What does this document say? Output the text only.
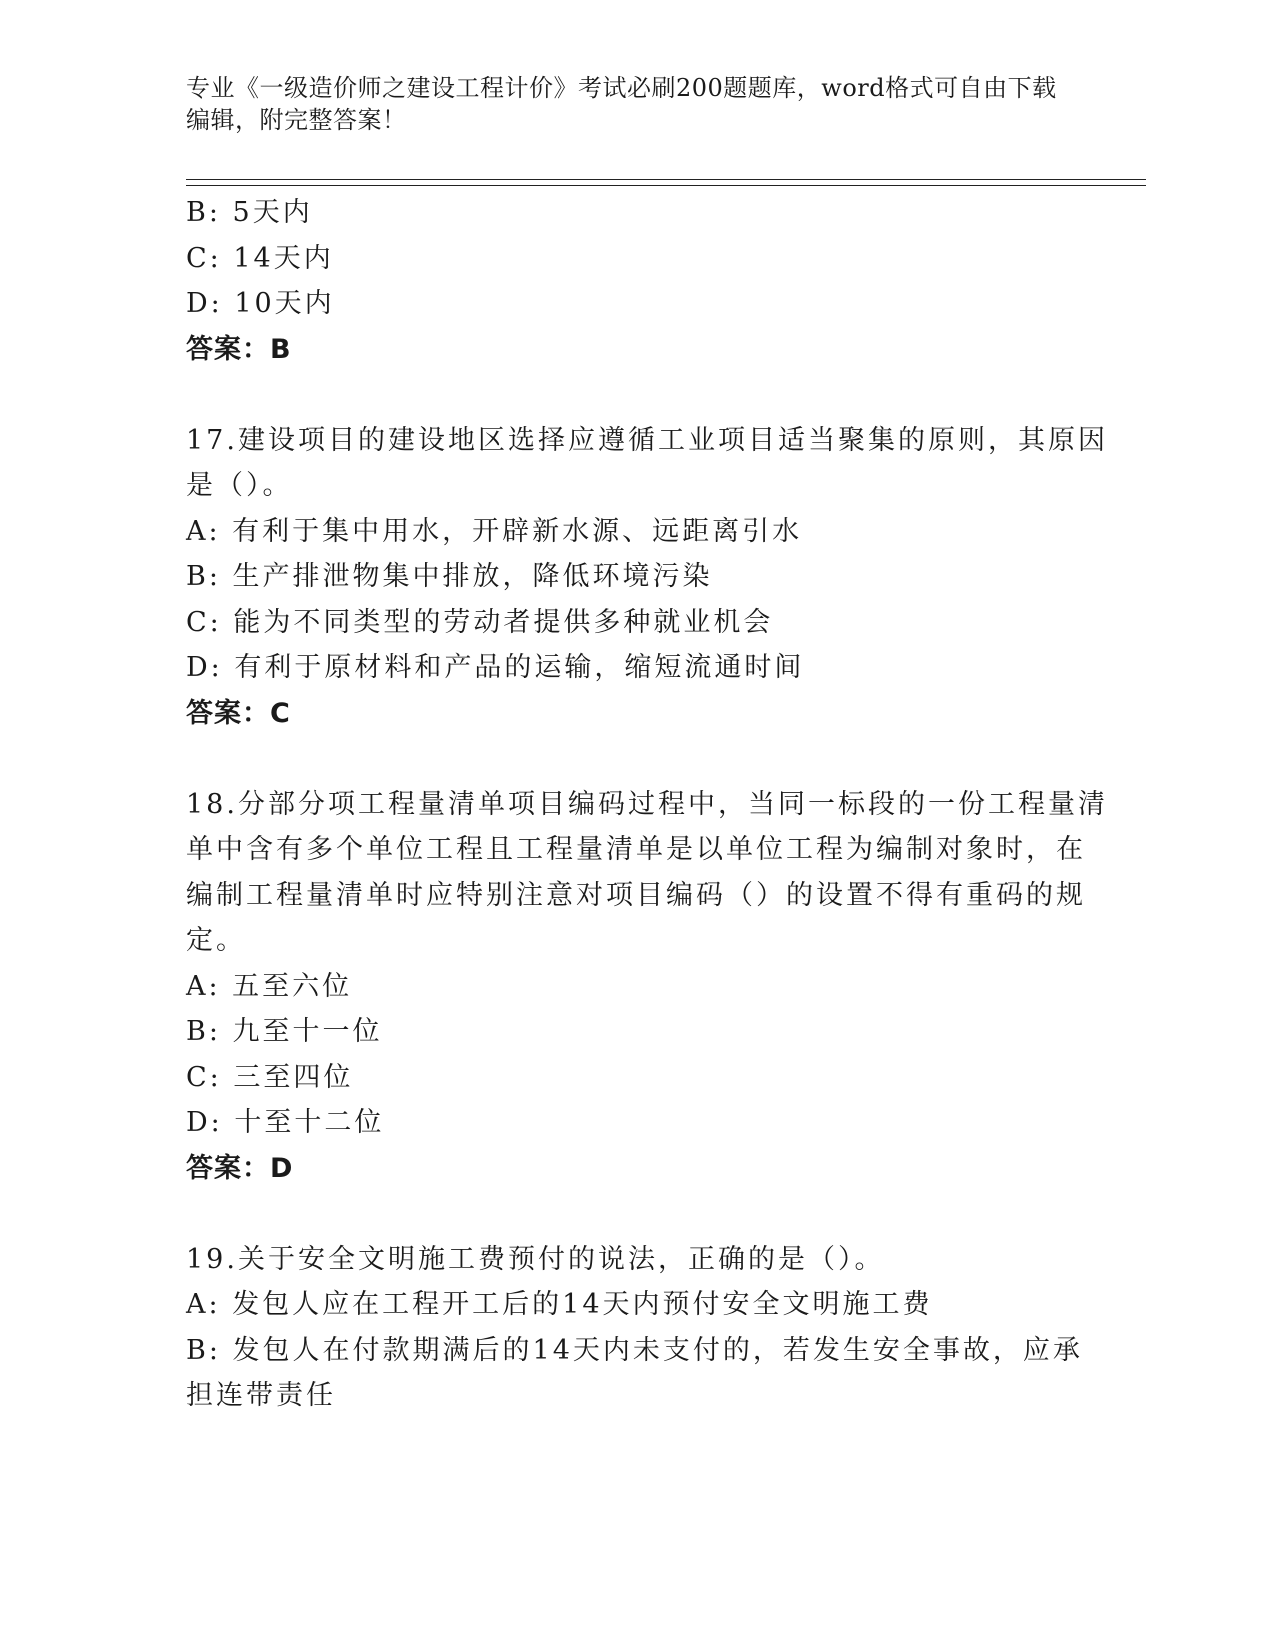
专业《一级造价师之建设工程计价》考试必刷200题题库，word格式可自由下载
编辑，附完整答案！
B: 5天内
C: 14天内
D: 10天内
答案：B
17.建设项目的建设地区选择应遵循工业项目适当聚集的原则，其原因
是（）。
A: 有利于集中用水，开辟新水源、远距离引水
B: 生产排泄物集中排放，降低环境污染
C: 能为不同类型的劳动者提供多种就业机会
D: 有利于原材料和产品的运输，缩短流通时间
答案：C
18.分部分项工程量清单项目编码过程中，当同一标段的一份工程量清
单中含有多个单位工程且工程量清单是以单位工程为编制对象时，在
编制工程量清单时应特别注意对项目编码（）的设置不得有重码的规
定。
A: 五至六位
B: 九至十一位
C: 三至四位
D: 十至十二位
答案：D
19.关于安全文明施工费预付的说法，正确的是（）。
A: 发包人应在工程开工后的14天内预付安全文明施工费
B: 发包人在付款期满后的14天内未支付的，若发生安全事故，应承
担连带责任
